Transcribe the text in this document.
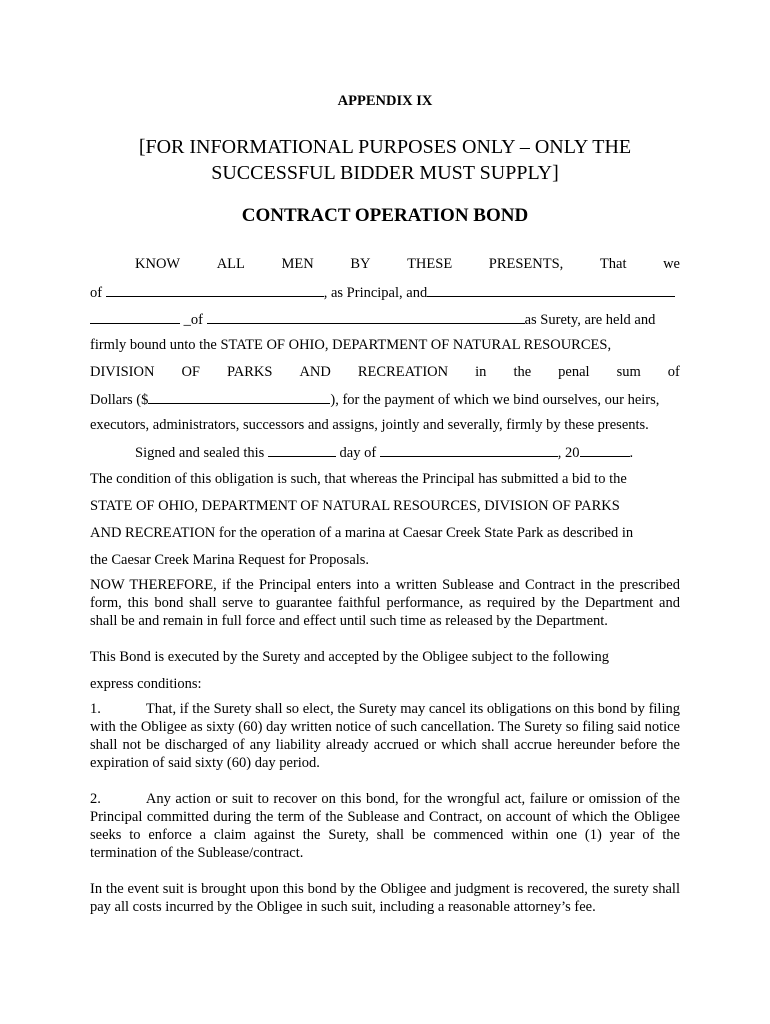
APPENDIX IX
[FOR INFORMATIONAL PURPOSES ONLY – ONLY THE
SUCCESSFUL BIDDER MUST SUPPLY]
CONTRACT OPERATION BOND
KNOW	ALL	MEN	BY	THESE	PRESENTS,	That	we
of	, as Principal, and
_of	as Surety, are held and
firmly bound unto the STATE OF OHIO, DEPARTMENT OF NATURAL RESOURCES,
DIVISION OF PARKS AND RECREATION in the penal sum of
Dollars ($	), for the payment of which we bind ourselves, our heirs,
executors, administrators, successors and assigns, jointly and severally, firmly by these presents.
Signed and sealed this	day of	, 20	.
The condition of this obligation is such, that whereas the Principal has submitted a bid to the
STATE OF OHIO, DEPARTMENT OF NATURAL RESOURCES, DIVISION OF PARKS
AND RECREATION for the operation of a marina at Caesar Creek State Park as described in
the Caesar Creek Marina Request for Proposals.
NOW THEREFORE, if the Principal enters into a written Sublease and Contract in the prescribed form, this bond shall serve to guarantee faithful performance, as required by the Department and shall be and remain in full force and effect until such time as released by the Department.
This Bond is executed by the Surety and accepted by the Obligee subject to the following
express conditions:
1.	That, if the Surety shall so elect, the Surety may cancel its obligations on this bond by filing with the Obligee as sixty (60) day written notice of such cancellation. The Surety so filing said notice shall not be discharged of any liability already accrued or which shall accrue hereunder before the expiration of said sixty (60) day period.
2.	Any action or suit to recover on this bond, for the wrongful act, failure or omission of the Principal committed during the term of the Sublease and Contract, on account of which the Obligee seeks to enforce a claim against the Surety, shall be commenced within one (1) year of the termination of the Sublease/contract.
In the event suit is brought upon this bond by the Obligee and judgment is recovered, the surety shall pay all costs incurred by the Obligee in such suit, including a reasonable attorney’s fee.
